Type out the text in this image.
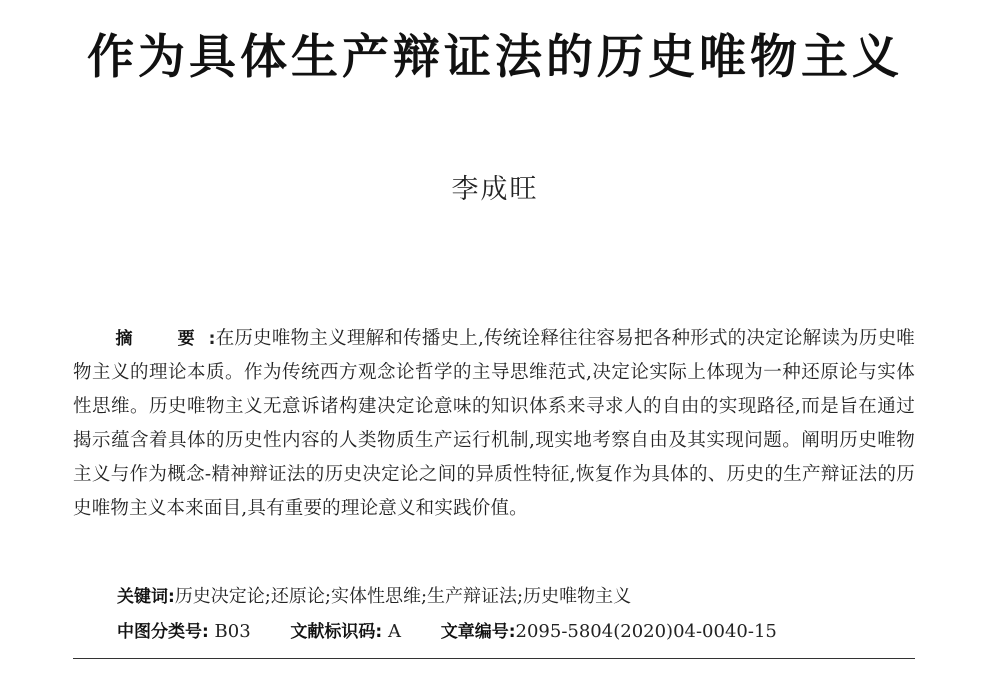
作为具体生产辩证法的历史唯物主义
李成旺

摘　要:在历史唯物主义理解和传播史上,传统诠释往往容易把各种形式的决定论解读为历史唯物主义的理论本质。作为传统西方观念论哲学的主导思维范式,决定论实际上体现为一种还原论与实体性思维。历史唯物主义无意诉诸构建决定论意味的知识体系来寻求人的自由的实现路径,而是旨在通过揭示蕴含着具体的历史性内容的人类物质生产运行机制,现实地考察自由及其实现问题。阐明历史唯物主义与作为概念-精神辩证法的历史决定论之间的异质性特征,恢复作为具体的、历史的生产辩证法的历史唯物主义本来面目,具有重要的理论意义和实践价值。

关键词:历史决定论;还原论;实体性思维;生产辩证法;历史唯物主义
中图分类号: B03 文献标识码: A 文章编号:2095-5804(2020)04-0040-15
